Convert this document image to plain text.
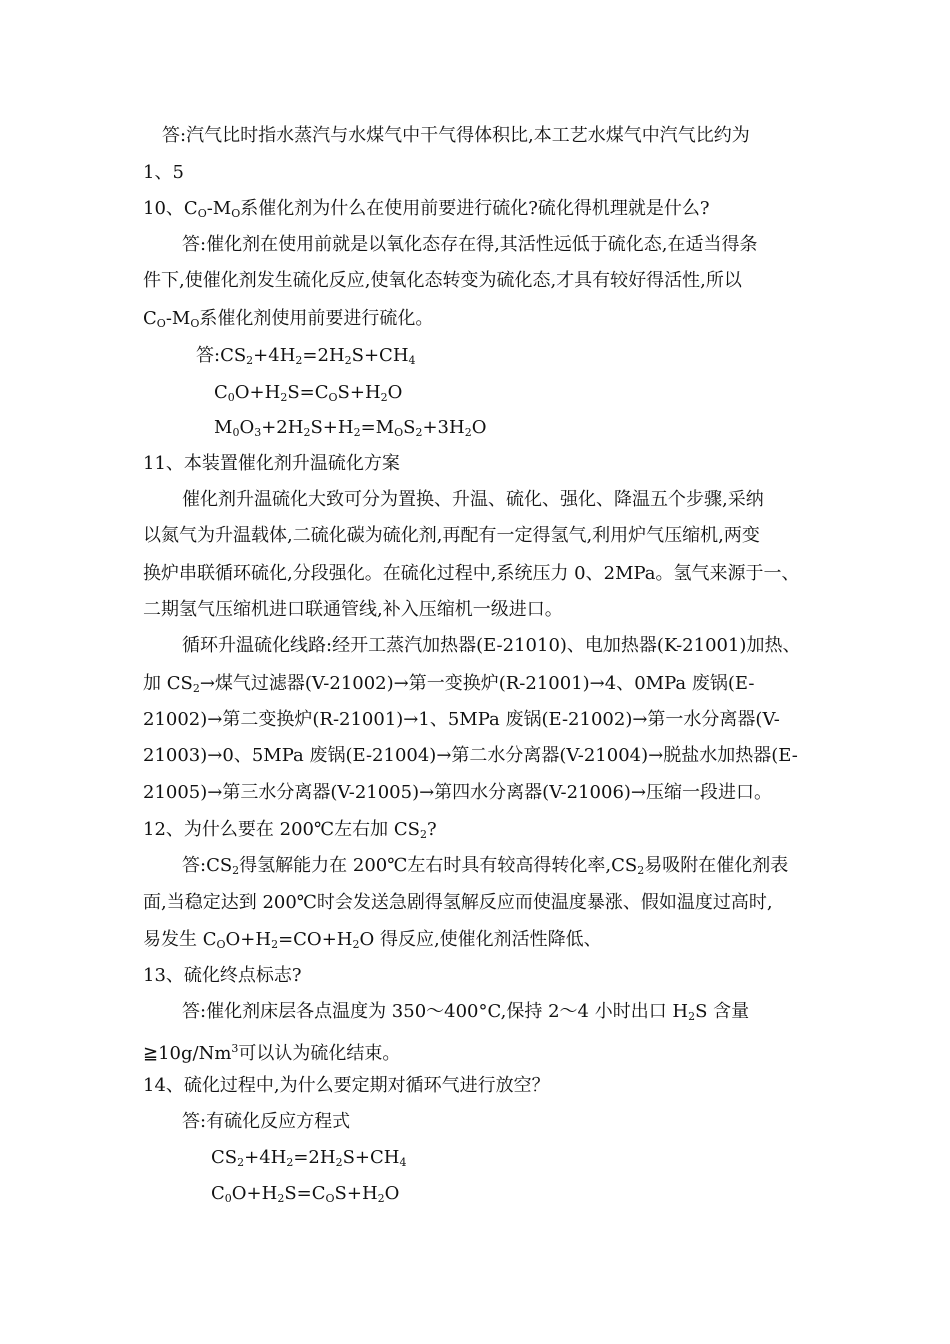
答:汽气比时指水蒸汽与水煤气中干气得体积比,本工艺水煤气中汽气比约为
1、5
10、$C_O-M_O$系催化剂为什么在使用前要进行硫化?硫化得机理就是什么?
答:催化剂在使用前就是以氧化态存在得,其活性远低于硫化态,在适当得条
件下,使催化剂发生硫化反应,使氧化态转变为硫化态,才具有较好得活性,所以
$C_O-M_O$系催化剂使用前要进行硫化。
答$:CS_2+4H_2=2H_2S+CH_4$
$C_0O+H_2S=C_OS+H_2O$
$M_0O_3+2H_2S+H_2=M_OS_2+3H_2O$
11、本装置催化剂升温硫化方案
催化剂升温硫化大致可分为置换、升温、硫化、强化、降温五个步骤,采纳
以氮气为升温载体,二硫化碳为硫化剂,再配有一定得氢气,利用炉气压缩机,两变
换炉串联循环硫化,分段强化。在硫化过程中,系统压力 0、2MPa。氢气来源于一、
二期氢气压缩机进口联通管线,补入压缩机一级进口。
循环升温硫化线路:经开工蒸汽加热器(E-21010)、电加热器(K-21001)加热、
加 $CS_2\to$煤气过滤器(V-21002)→第一变换炉(R-21001)→4、0MPa 废锅(E-
21002)→第二变换炉(R-21001)→1、5MPa 废锅(E-21002)→第一水分离器(V-
21003)→0、5MPa 废锅(E-21004)→第二水分离器(V-21004)→脱盐水加热器(E-
21005)→第三水分离器(V-21005)→第四水分离器(V-21006)→压缩一段进口。
12、为什么要在 200℃左右加 $CS_2$?
答$:CS_2$得氢解能力在 200℃左右时具有较高得转化率$,CS_2$易吸附在催化剂表
面,当稳定达到 200℃时会发送急剧得氢解反应而使温度暴涨、假如温度过高时,
易发生 $C_OO+H_2=CO+H_2O$ 得反应,使催化剂活性降低、
13、硫化终点标志?
答:催化剂床层各点温度为 350～400°C,保持 2～4 小时出口 $H_2S$ 含量
≧10g/Nm$^3$可以认为硫化结束。
14、硫化过程中,为什么要定期对循环气进行放空？
答:有硫化反应方程式
$CS_2+4H_2=2H_2S+CH_4$
$C_0O+H_2S=C_OS+H_2O$
